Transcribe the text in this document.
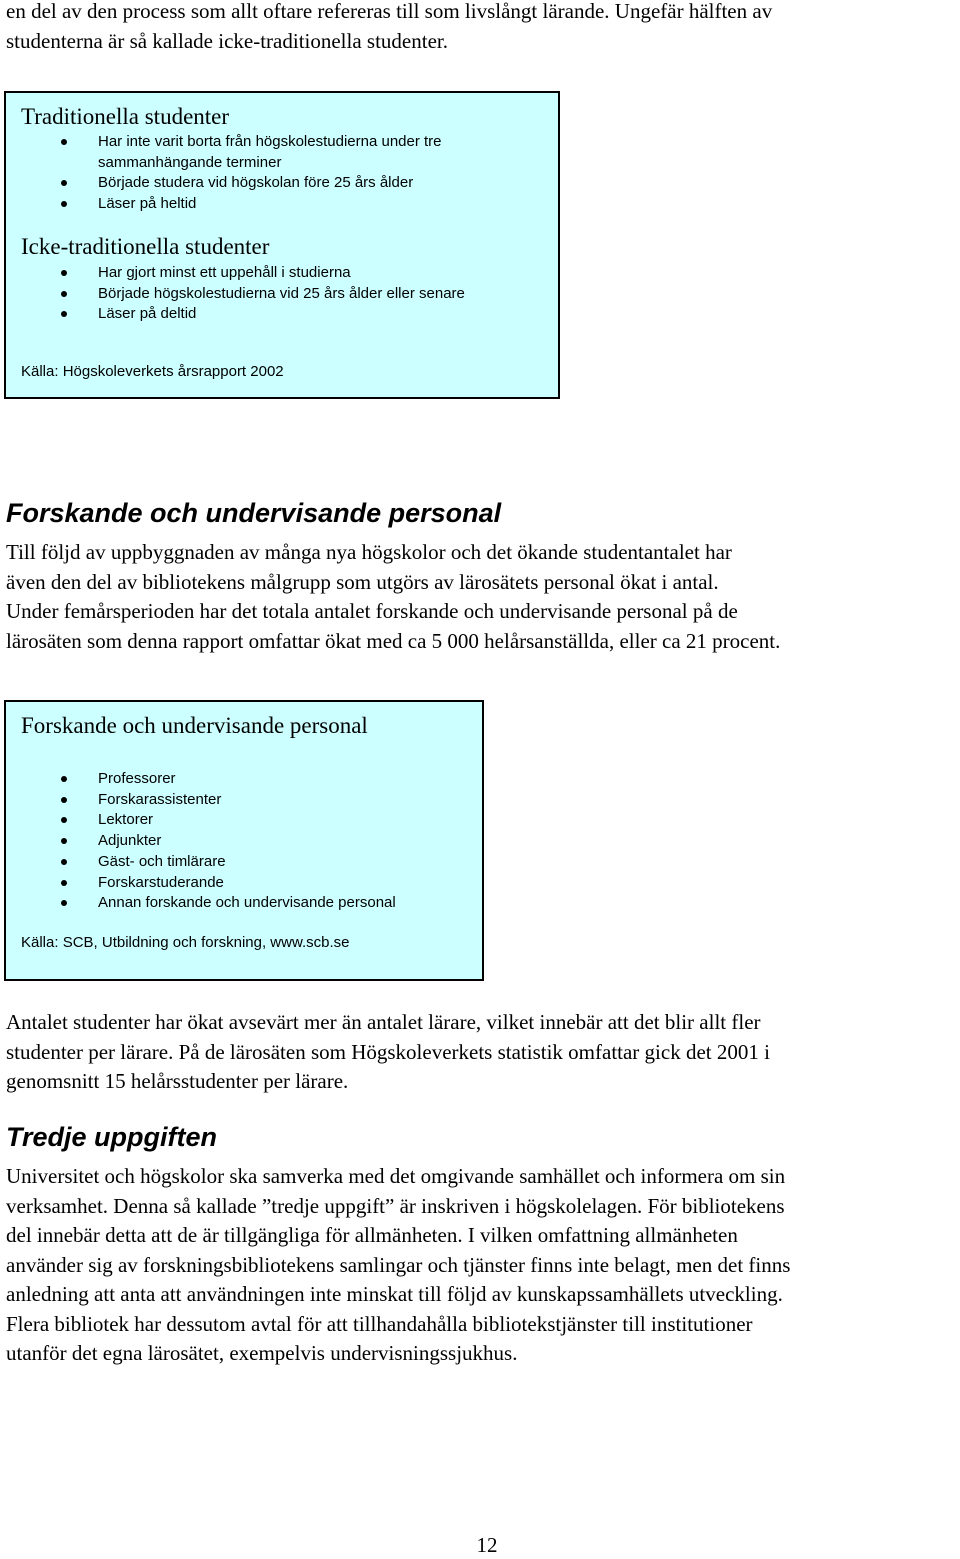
en del av den process som allt oftare refereras till som livslångt lärande. Ungefär hälften av
studenterna är så kallade icke-traditionella studenter.

Traditionella studenter

Har inte varit borta från högskolestudierna under tre
sammanhängande terminer
Började studera vid högskolan före 25 års ålder
Läser på heltid

Icke-traditionella studenter

Har gjort minst ett uppehåll i studierna
Började högskolestudierna vid 25 års ålder eller senare
Läser på deltid

Källa: Högskoleverkets årsrapport 2002

Forskande och undervisande personal
Till följd av uppbyggnaden av många nya högskolor och det ökande studentantalet har
även den del av bibliotekens målgrupp som utgörs av lärosätets personal ökat i antal.
Under femårsperioden har det totala antalet forskande och undervisande personal på de
lärosäten som denna rapport omfattar ökat med ca 5 000 helårsanställda, eller ca 21 procent.

Forskande och undervisande personal

Professorer
Forskarassistenter
Lektorer
Adjunkter
Gäst- och timlärare
Forskarstuderande
Annan forskande och undervisande personal

Källa: SCB, Utbildning och forskning, www.scb.se

Antalet studenter har ökat avsevärt mer än antalet lärare, vilket innebär att det blir allt fler
studenter per lärare. På de lärosäten som Högskoleverkets statistik omfattar gick det 2001 i
genomsnitt 15 helårsstudenter per lärare.
Tredje uppgiften
Universitet och högskolor ska samverka med det omgivande samhället och informera om sin
verksamhet. Denna så kallade ”tredje uppgift” är inskriven i högskolelagen. För bibliotekens
del innebär detta att de är tillgängliga för allmänheten. I vilken omfattning allmänheten
använder sig av forskningsbibliotekens samlingar och tjänster finns inte belagt, men det finns
anledning att anta att användningen inte minskat till följd av kunskapssamhällets utveckling.
Flera bibliotek har dessutom avtal för att tillhandahålla bibliotekstjänster till institutioner
utanför det egna lärosätet, exempelvis undervisningssjukhus.

12
